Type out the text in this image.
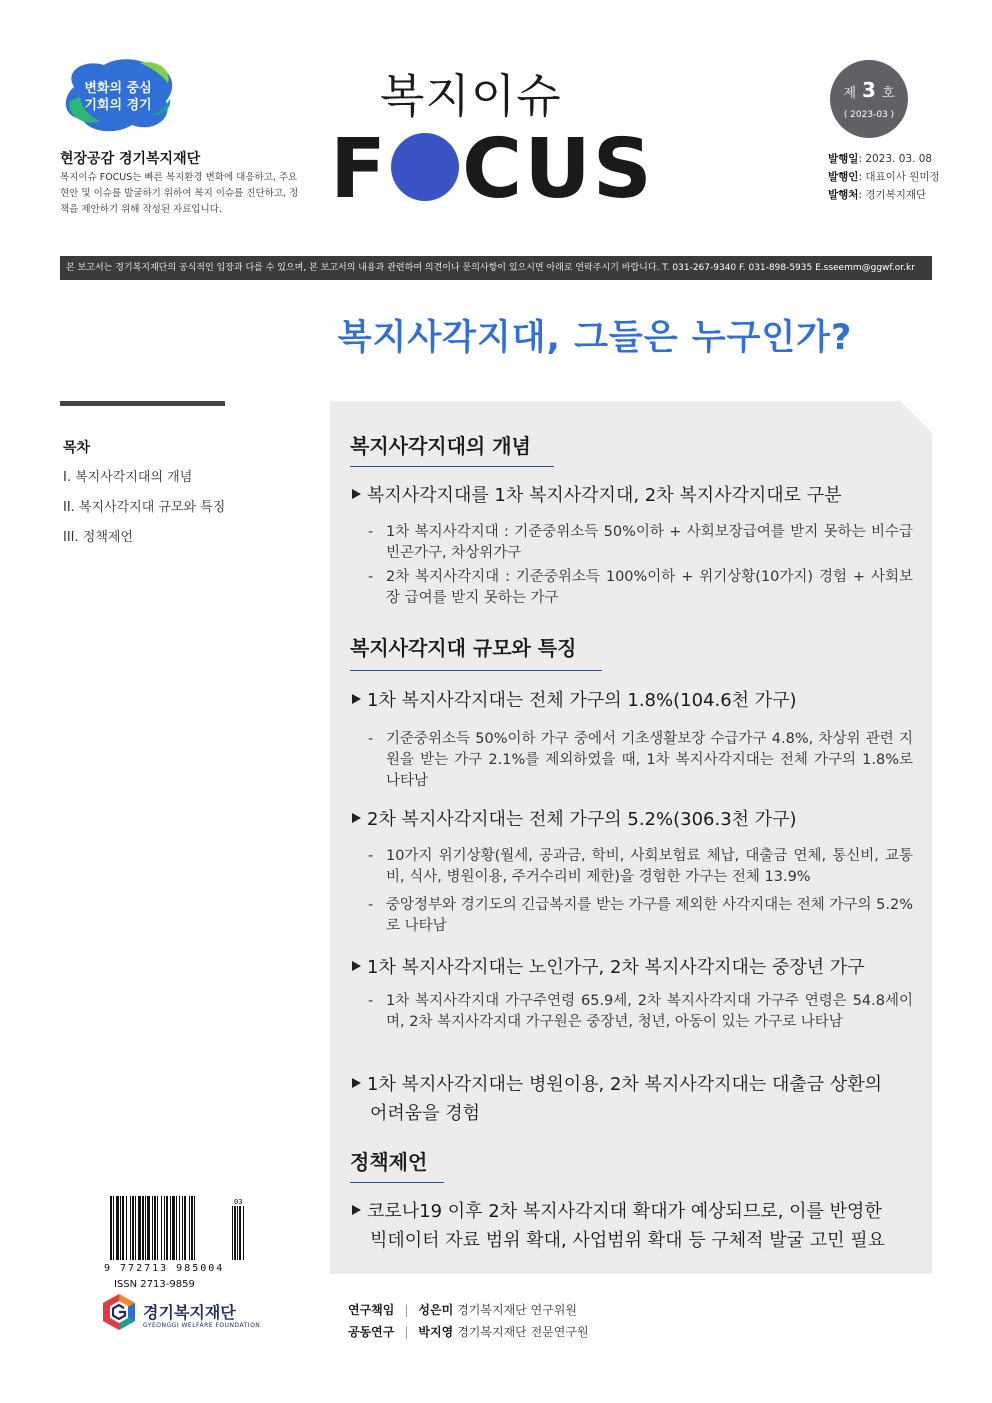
변화의 중심
기회의 경기
현장공감 경기복지재단
복지이슈 FOCUS는 빠른 복지환경 변화에 대응하고, 주요현안 및 이슈를 발굴하기 위하여 복지 이슈를 진단하고, 정책을 제안하기 위해 작성된 자료입니다.
복지이슈
F CUS
제 3 호
( 2023-03 )
발행일: 2023. 03. 08
발행인: 대표이사 원미정
발행처: 경기복지재단
본 보고서는 경기복지재단의 공식적인 입장과 다를 수 있으며, 본 보고서의 내용과 관련하여 의견이나 문의사항이 있으시면 아래로 연락주시기 바랍니다. T. 031-267-9340 F. 031-898-5935 E.sseemm@ggwf.or.kr
복지사각지대, 그들은 누구인가?
목차
I. 복지사각지대의 개념
II. 복지사각지대 규모와 특징
III. 정책제언
복지사각지대의 개념
복지사각지대를 1차 복지사각지대, 2차 복지사각지대로 구분
- 1차 복지사각지대 : 기준중위소득 50%이하 + 사회보장급여를 받지 못하는 비수급 빈곤가구, 차상위가구
- 2차 복지사각지대 : 기준중위소득 100%이하 + 위기상황(10가지) 경험 + 사회보장 급여를 받지 못하는 가구
복지사각지대 규모와 특징
1차 복지사각지대는 전체 가구의 1.8%(104.6천 가구)
- 기준중위소득 50%이하 가구 중에서 기초생활보장 수급가구 4.8%, 차상위 관련 지원을 받는 가구 2.1%를 제외하였을 때, 1차 복지사각지대는 전체 가구의 1.8%로 나타남
2차 복지사각지대는 전체 가구의 5.2%(306.3천 가구)
- 10가지 위기상황(월세, 공과금, 학비, 사회보험료 체납, 대출금 연체, 통신비, 교통비, 식사, 병원이용, 주거수리비 제한)을 경험한 가구는 전체 13.9%
- 중앙정부와 경기도의 긴급복지를 받는 가구를 제외한 사각지대는 전체 가구의 5.2%로 나타남
1차 복지사각지대는 노인가구, 2차 복지사각지대는 중장년 가구
- 1차 복지사각지대 가구주연령 65.9세, 2차 복지사각지대 가구주 연령은 54.8세이며, 2차 복지사각지대 가구원은 중장년, 청년, 아동이 있는 가구로 나타남
1차 복지사각지대는 병원이용, 2차 복지사각지대는 대출금 상환의
어려움을 경험
정책제언
코로나19 이후 2차 복지사각지대 확대가 예상되므로, 이를 반영한
빅데이터 자료 범위 확대, 사업범위 확대 등 구체적 발굴 고민 필요
03
9 772713 985004
ISSN 2713-9859
경기복지재단
GYEONGGI WELFARE FOUNDATION
연구책임 | 성은미 경기복지재단 연구위원
공동연구 | 박지영 경기복지재단 전문연구원
